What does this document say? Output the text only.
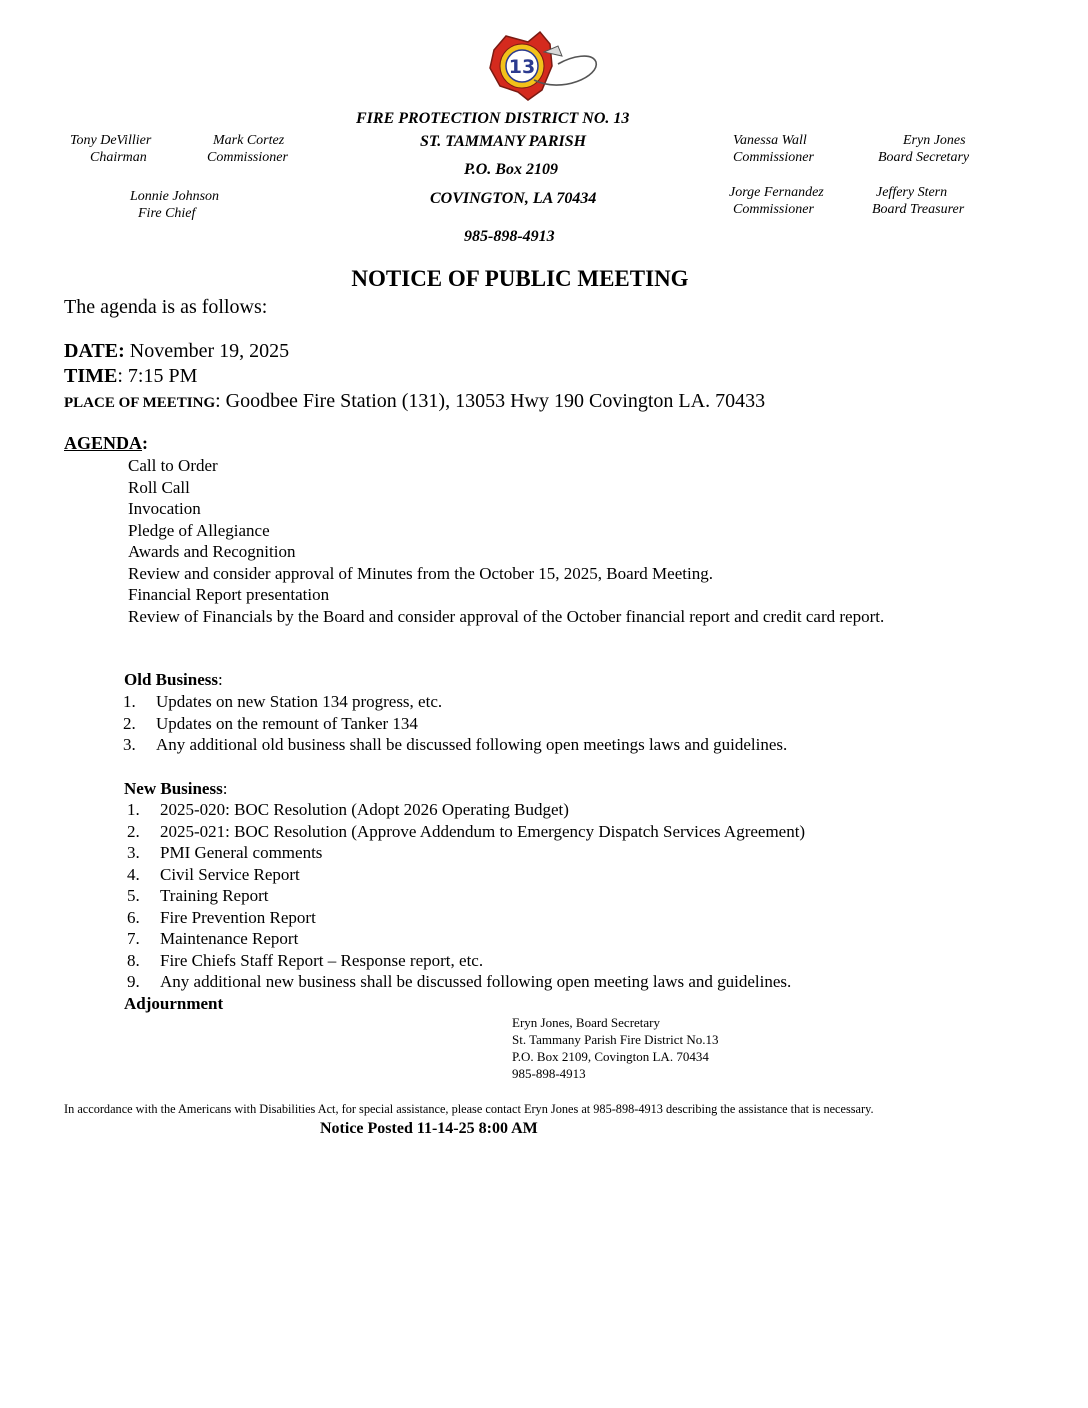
13
Tony DeVillier
Chairman
Mark Cortez
Commissioner
Lonnie Johnson
Fire Chief
FIRE PROTECTION DISTRICT NO. 13
ST. TAMMANY PARISH
P.O. Box 2109
COVINGTON, LA 70434
985-898-4913
Vanessa Wall
Commissioner
Eryn Jones
Board Secretary
Jorge Fernandez
Commissioner
Jeffery Stern
Board Treasurer
NOTICE OF PUBLIC MEETING
The agenda is as follows:
DATE: November 19, 2025
TIME: 7:15 PM
PLACE OF MEETING: Goodbee Fire Station (131), 13053 Hwy 190 Covington LA. 70433
AGENDA:
Call to Order
Roll Call
Invocation
Pledge of Allegiance
Awards and Recognition
Review and consider approval of Minutes from the October 15, 2025, Board Meeting.
Financial Report presentation
Review of Financials by the Board and consider approval of the October financial report and credit card report.
Old Business:
1. Updates on new Station 134 progress, etc.
2. Updates on the remount of Tanker 134
3. Any additional old business shall be discussed following open meetings laws and guidelines.
New Business:
1. 2025-020: BOC Resolution (Adopt 2026 Operating Budget)
2. 2025-021: BOC Resolution (Approve Addendum to Emergency Dispatch Services Agreement)
3. PMI General comments
4. Civil Service Report
5. Training Report
6. Fire Prevention Report
7. Maintenance Report
8. Fire Chiefs Staff Report – Response report, etc.
9. Any additional new business shall be discussed following open meeting laws and guidelines.
Adjournment
Eryn Jones, Board Secretary
St. Tammany Parish Fire District No.13
P.O. Box 2109, Covington LA. 70434
985-898-4913
In accordance with the Americans with Disabilities Act, for special assistance, please contact Eryn Jones at 985-898-4913 describing the assistance that is necessary.
Notice Posted 11-14-25 8:00 AM
